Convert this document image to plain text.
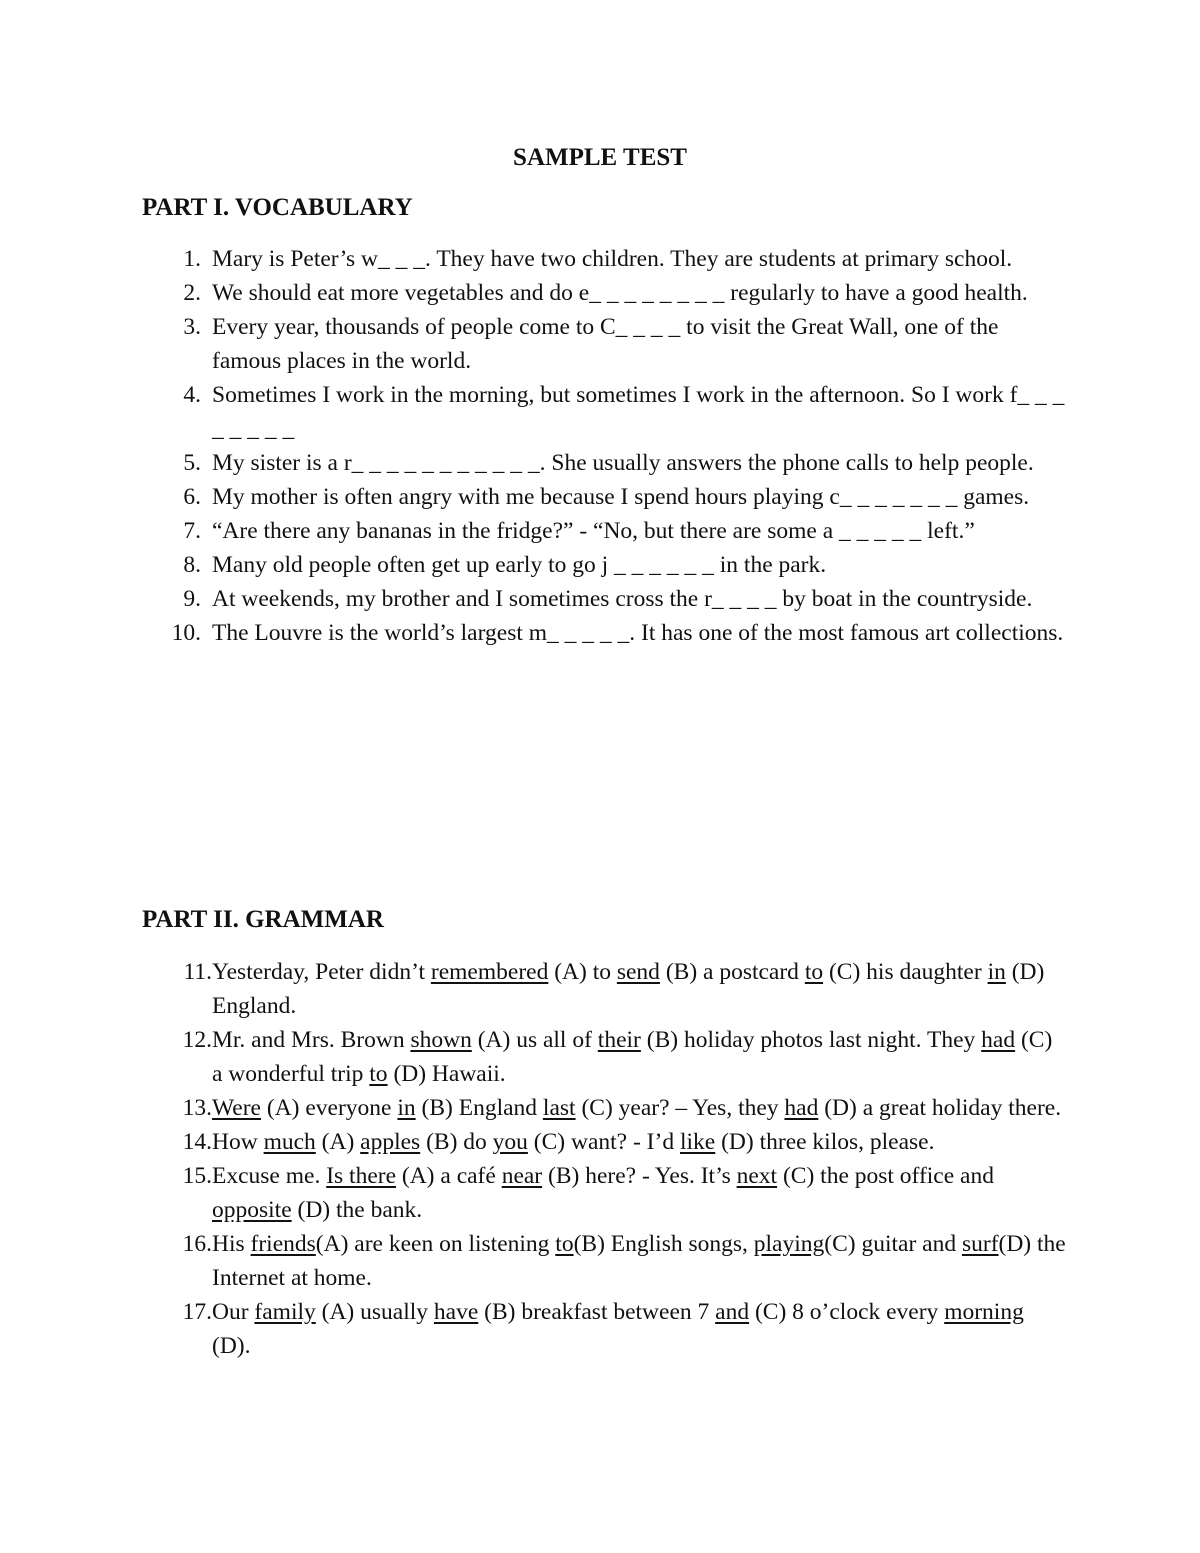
SAMPLE TEST
PART I. VOCABULARY
1. Mary is Peter’s w_ _ _. They have two children. They are students at primary school.
2. We should eat more vegetables and do e_ _ _ _ _ _ _ _ regularly to have a good health.
3. Every year, thousands of people come to C_ _ _ _ to visit the Great Wall, one of the famous places in the world.
4. Sometimes I work in the morning, but sometimes I work in the afternoon. So I work f_ _ _ _ _ _ _ _
5. My sister is a r_ _ _ _ _ _ _ _ _ _ _. She usually answers the phone calls to help people.
6. My mother is often angry with me because I spend hours playing c_ _ _ _ _ _ _ games.
7. “Are there any bananas in the fridge?” - “No, but there are some a _ _ _ _ _ left.”
8. Many old people often get up early to go j _ _ _ _ _ _ in the park.
9. At weekends, my brother and I sometimes cross the r_ _ _ _ by boat in the countryside.
10. The Louvre is the world’s largest m_ _ _ _ _. It has one of the most famous art collections.
PART II. GRAMMAR
11. Yesterday, Peter didn’t remembered (A) to send (B) a postcard to (C) his daughter in (D) England.
12. Mr. and Mrs. Brown shown (A) us all of their (B) holiday photos last night. They had (C) a wonderful trip to (D) Hawaii.
13. Were (A) everyone in (B) England last (C) year? – Yes, they had (D) a great holiday there.
14. How much (A) apples (B) do you (C) want? - I’d like (D) three kilos, please.
15. Excuse me. Is there (A) a café near (B) here? - Yes. It’s next (C) the post office and opposite (D) the bank.
16. His friends(A) are keen on listening to(B) English songs, playing(C) guitar and surf(D) the Internet at home.
17. Our family (A) usually have (B) breakfast between 7 and (C) 8 o’clock every morning (D).
